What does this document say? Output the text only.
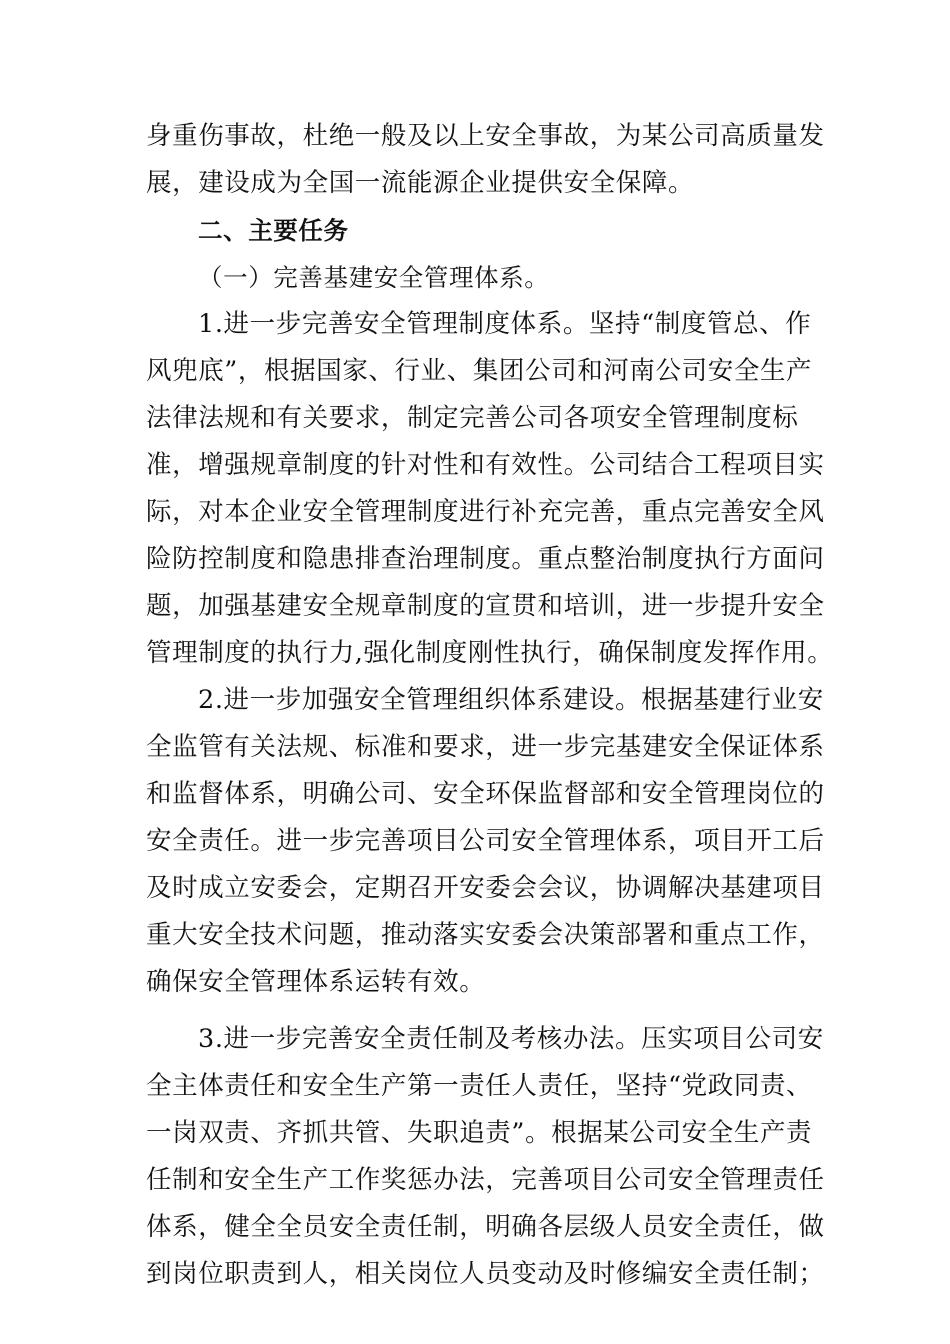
身重伤事故，杜绝一般及以上安全事故，为某公司高质量发
展，建设成为全国一流能源企业提供安全保障。
二、主要任务
（一）完善基建安全管理体系。
1.进一步完善安全管理制度体系。坚持“制度管总、作
风兜底”，根据国家、行业、集团公司和河南公司安全生产
法律法规和有关要求，制定完善公司各项安全管理制度标
准，增强规章制度的针对性和有效性。公司结合工程项目实
际，对本企业安全管理制度进行补充完善，重点完善安全风
险防控制度和隐患排查治理制度。重点整治制度执行方面问
题，加强基建安全规章制度的宣贯和培训，进一步提升安全
管理制度的执行力,强化制度刚性执行，确保制度发挥作用。
2.进一步加强安全管理组织体系建设。根据基建行业安
全监管有关法规、标准和要求，进一步完基建安全保证体系
和监督体系，明确公司、安全环保监督部和安全管理岗位的
安全责任。进一步完善项目公司安全管理体系，项目开工后
及时成立安委会，定期召开安委会会议，协调解决基建项目
重大安全技术问题，推动落实安委会决策部署和重点工作，
确保安全管理体系运转有效。
3.进一步完善安全责任制及考核办法。压实项目公司安
全主体责任和安全生产第一责任人责任，坚持“党政同责、
一岗双责、齐抓共管、失职追责”。根据某公司安全生产责
任制和安全生产工作奖惩办法，完善项目公司安全管理责任
体系，健全全员安全责任制，明确各层级人员安全责任，做
到岗位职责到人，相关岗位人员变动及时修编安全责任制；
